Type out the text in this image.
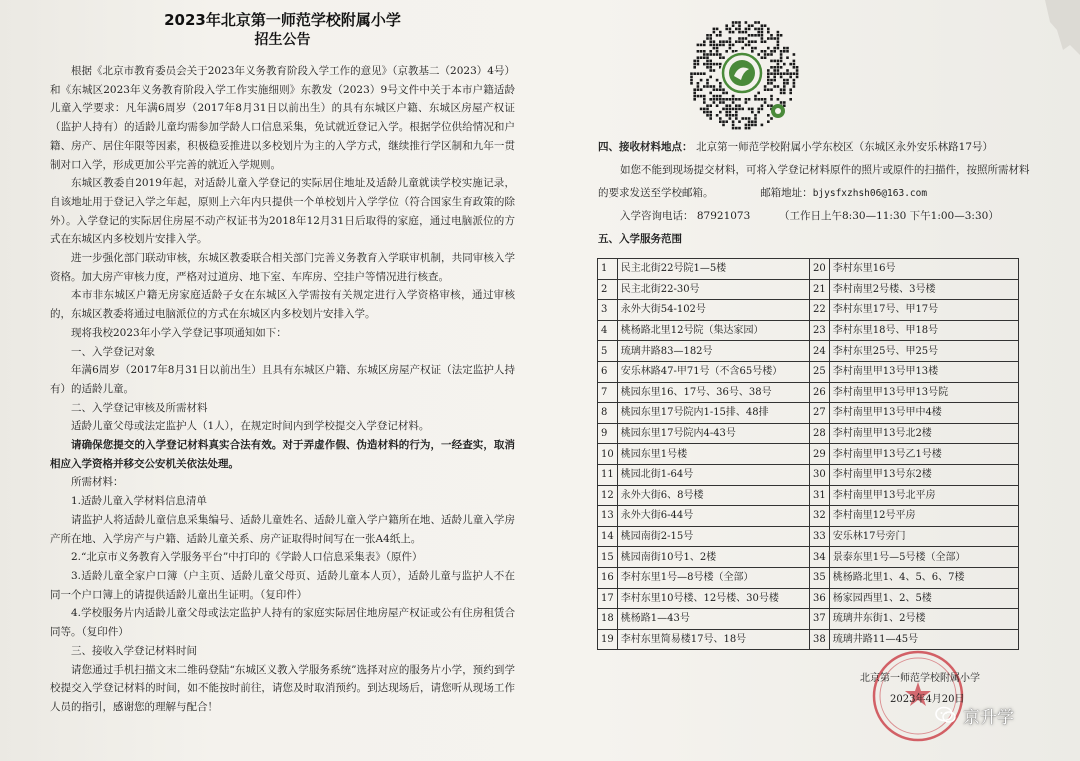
2023年北京第一师范学校附属小学
招生公告

根据《北京市教育委员会关于2023年义务教育阶段入学工作的意见》（京教基二（2023）4号）和《东城区2023年义务教育阶段入学工作实施细则》东教发（2023）9号文件中关于本市户籍适龄儿童入学要求：凡年满6周岁（2017年8月31日以前出生）的具有东城区户籍、东城区房屋产权证（监护人持有）的适龄儿童均需参加学龄人口信息采集，免试就近登记入学。根据学位供给情况和户籍、房产、居住年限等因素，积极稳妥推进以多校划片为主的入学方式，继续推行学区制和九年一贯制对口入学，形成更加公平完善的就近入学规则。

东城区教委自2019年起，对适龄儿童入学登记的实际居住地址及适龄儿童就读学校实施记录，自该地址用于登记入学之年起，原则上六年内只提供一个单校划片入学学位（符合国家生育政策的除外）。入学登记的实际居住房屋不动产权证书为2018年12月31日后取得的家庭，通过电脑派位的方式在东城区内多校划片安排入学。

进一步强化部门联动审核，东城区教委联合相关部门完善义务教育入学联审机制，共同审核入学资格。加大房产审核力度，严格对过道房、地下室、车库房、空挂户等情况进行核查。

本市非东城区户籍无房家庭适龄子女在东城区入学需按有关规定进行入学资格审核，通过审核的，东城区教委将通过电脑派位的方式在东城区内多校划片安排入学。

现将我校2023年小学入学登记事项通知如下：

一、入学登记对象

年满6周岁（2017年8月31日以前出生）且具有东城区户籍、东城区房屋产权证（法定监护人持有）的适龄儿童。

二、入学登记审核及所需材料

适龄儿童父母或法定监护人（1人），在规定时间内到学校提交入学登记材料。

请确保您提交的入学登记材料真实合法有效。对于弄虚作假、伪造材料的行为，一经查实，取消相应入学资格并移交公安机关依法处理。

所需材料：

1.适龄儿童入学材料信息清单

请监护人将适龄儿童信息采集编号、适龄儿童姓名、适龄儿童入学户籍所在地、适龄儿童入学房产所在地、入学房产与户籍、适龄儿童关系、房产证取得时间写在一张A4纸上。

2.“北京市义务教育入学服务平台”中打印的《学龄人口信息采集表》（原件）

3.适龄儿童全家户口簿（户主页、适龄儿童父母页、适龄儿童本人页），适龄儿童与监护人不在同一个户口簿上的请提供适龄儿童出生证明。（复印件）

4.学校服务片内适龄儿童父母或法定监护人持有的家庭实际居住地房屋产权证或公有住房租赁合同等。（复印件）

三、接收入学登记材料时间

请您通过手机扫描文末二维码登陆“东城区义教入学服务系统”选择对应的服务片小学，预约到学校提交入学登记材料的时间，如不能按时前往，请您及时取消预约。到达现场后，请您听从现场工作人员的指引，感谢您的理解与配合！

四、接收材料地点： 北京第一师范学校附属小学东校区（东城区永外安乐林路17号）

如您不能到现场提交材料，可将入学登记材料原件的照片或原件的扫描件，按照所需材料

的要求发送至学校邮箱。	邮箱地址：bjysfxzhsh06@163.com

入学咨询电话： 87921073	（工作日上午8:30—11:30 下午1:00—3:30）

五、入学服务范围

1	民主北街22号院1—5楼	20	李村东里16号
2	民主北街22-30号	21	李村南里2号楼、3号楼
3	永外大街54-102号	22	李村东里17号、甲17号
4	桃杨路北里12号院（集达家园）	23	李村东里18号、甲18号
5	琉璃井路83—182号	24	李村东里25号、甲25号
6	安乐林路47-甲71号（不含65号楼）	25	李村南里甲13号甲13楼
7	桃园东里16、17号、36号、38号	26	李村南里甲13号甲13号院
8	桃园东里17号院内1-15排、48排	27	李村南里甲13号甲中4楼
9	桃园东里17号院内4-43号	28	李村南里甲13号北2楼
10	桃园东里1号楼	29	李村南里甲13号乙1号楼
11	桃园北街1-64号	30	李村南里甲13号东2楼
12	永外大街6、8号楼	31	李村南里甲13号北平房
13	永外大街6-44号	32	李村南里12号平房
14	桃园南街2-15号	33	安乐林17号旁门
15	桃园南街10号1、2楼	34	景泰东里1号—5号楼（全部）
16	李村东里1号—8号楼（全部）	35	桃杨路北里1、4、5、6、7楼
17	李村东里10号楼、12号楼、30号楼	36	杨家园西里1、2、5楼
18	桃杨路1—43号	37	琉璃井东街1、2号楼
19	李村东里简易楼17号、18号	38	琉璃井路11—45号
北京第一师范学校附属小学
2023年4月20日
京升学
